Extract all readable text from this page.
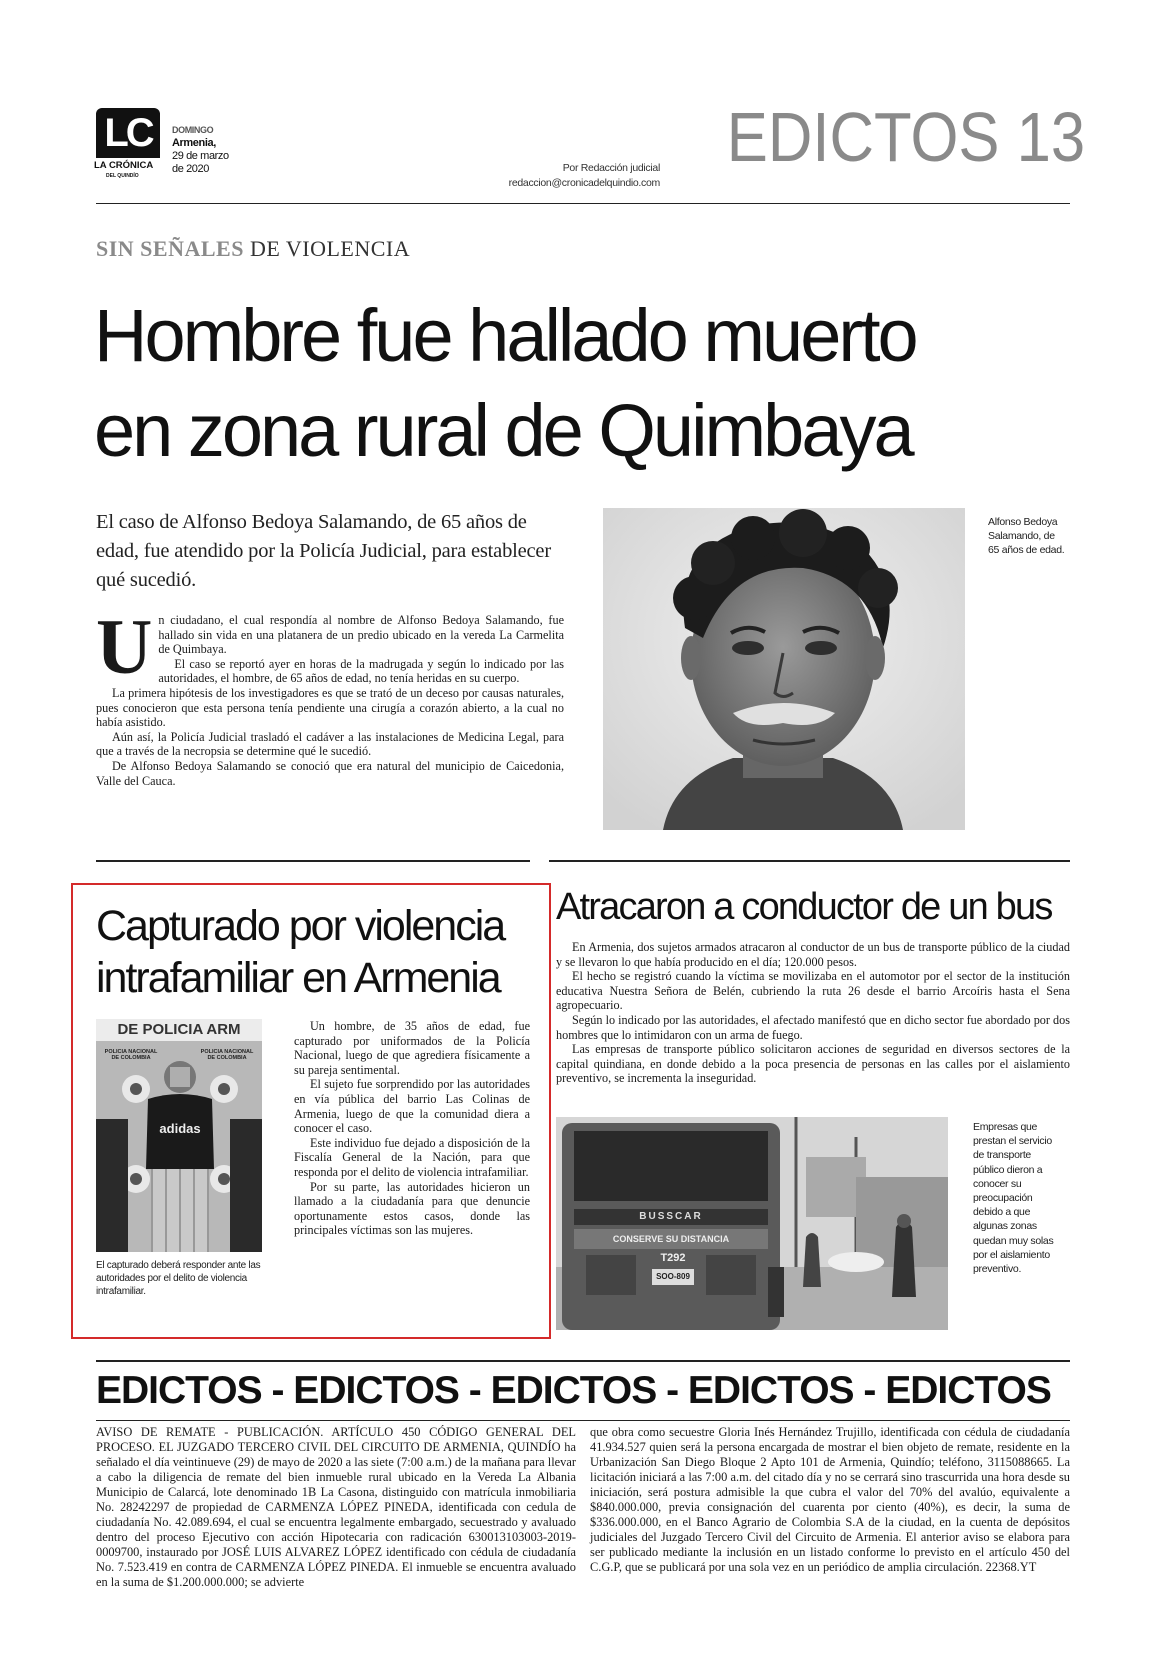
LC
LA CRÓNICA
DEL QUINDÍO
DOMINGO
Armenia,
29 de marzo
de 2020	Por Redacción judicial
redaccion@cronicadelquindio.com
EDICTOS 13
SIN SEÑALES DE VIOLENCIA
Hombre fue hallado muerto
en zona rural de Quimbaya
El caso de Alfonso Bedoya Salamando, de 65 años de edad, fue atendido por la Policía Judicial, para establecer qué sucedió.
U n ciudadano, el cual respondía al nombre de Alfonso Bedoya Salamando, fue hallado sin vida en una platanera de un predio ubicado en la vereda La Carmelita de Quimbaya.

El caso se reportó ayer en horas de la madrugada y según lo indicado por las autoridades, el hombre, de 65 años de edad, no tenía heridas en su cuerpo.

La primera hipótesis de los investigadores es que se trató de un deceso por causas naturales, pues conocieron que esta persona tenía pendiente una cirugía a corazón abierto, a la cual no había asistido.

Aún así, la Policía Judicial trasladó el cadáver a las instalaciones de Medicina Legal, para que a través de la necropsia se determine qué le sucedió.

De Alfonso Bedoya Salamando se conoció que era natural del municipio de Caicedonia, Valle del Cauca.

Alfonso Bedoya Salamando, de 65 años de edad.
Capturado por violencia
intrafamiliar en Armenia
DE POLICIA ARM
POLICIA NACIONAL DE COLOMBIA
POLICIA NACIONAL DE COLOMBIA
adidas
El capturado deberá responder ante las autoridades por el delito de violencia intrafamiliar.

Un hombre, de 35 años de edad, fue capturado por uniformados de la Policía Nacional, luego de que agrediera físicamente a su pareja sentimental.

El sujeto fue sorprendido por las autoridades en vía pública del barrio Las Colinas de Armenia, luego de que la comunidad diera a conocer el caso.

Este individuo fue dejado a disposición de la Fiscalía General de la Nación, para que responda por el delito de violencia intrafamiliar.

Por su parte, las autoridades hicieron un llamado a la ciudadanía para que denuncie oportunamente estos casos, donde las principales víctimas son las mujeres.

Atracaron a conductor de un bus

En Armenia, dos sujetos armados atracaron al conductor de un bus de transporte público de la ciudad y se llevaron lo que había producido en el día; 120.000 pesos.

El hecho se registró cuando la víctima se movilizaba en el automotor por el sector de la institución educativa Nuestra Señora de Belén, cubriendo la ruta 26 desde el barrio Arcoíris hasta el Sena agropecuario.

Según lo indicado por las autoridades, el afectado manifestó que en dicho sector fue abordado por dos hombres que lo intimidaron con un arma de fuego.

Las empresas de transporte público solicitaron acciones de seguridad en diversos sectores de la capital quindiana, en donde debido a la poca presencia de personas en las calles por el aislamiento preventivo, se incrementa la inseguridad.

BUSSCAR
CONSERVE SU DISTANCIA
T292
SOO-809
Empresas que prestan el servicio de transporte público dieron a conocer su preocupación debido a que algunas zonas quedan muy solas por el aislamiento preventivo.
EDICTOS - EDICTOS - EDICTOS - EDICTOS - EDICTOS

AVISO DE REMATE - PUBLICACIÓN. ARTÍCULO 450 CÓDIGO GENERAL DEL PROCESO. EL JUZGADO TERCERO CIVIL DEL CIRCUITO DE ARMENIA, QUINDÍO ha señalado el día veintinueve (29) de mayo de 2020 a las siete (7:00 a.m.) de la mañana para llevar a cabo la diligencia de remate del bien inmueble rural ubicado en la Vereda La Albania Municipio de Calarcá, lote denominado 1B La Casona, distinguido con matrícula inmobiliaria No. 28242297 de propiedad de CARMENZA LÓPEZ PINEDA, identificada con cedula de ciudadanía No. 42.089.694, el cual se encuentra legalmente embargado, secuestrado y avaluado dentro del proceso Ejecutivo con acción Hipotecaria con radicación 630013103003-2019-0009700, instaurado por JOSÉ LUIS ALVAREZ LÓPEZ identificado con cédula de ciudadanía No. 7.523.419 en contra de CARMENZA LÓPEZ PINEDA. El inmueble se encuentra avaluado en la suma de $1.200.000.000; se advierte

que obra como secuestre Gloria Inés Hernández Trujillo, identificada con cédula de ciudadanía 41.934.527 quien será la persona encargada de mostrar el bien objeto de remate, residente en la Urbanización San Diego Bloque 2 Apto 101 de Armenia, Quindío; teléfono, 3115088665. La licitación iniciará a las 7:00 a.m. del citado día y no se cerrará sino trascurrida una hora desde su iniciación, será postura admisible la que cubra el valor del 70% del avalúo, equivalente a $840.000.000, previa consignación del cuarenta por ciento (40%), es decir, la suma de $336.000.000, en el Banco Agrario de Colombia S.A de la ciudad, en la cuenta de depósitos judiciales del Juzgado Tercero Civil del Circuito de Armenia. El anterior aviso se elabora para ser publicado mediante la inclusión en un listado conforme lo previsto en el artículo 450 del C.G.P, que se publicará por una sola vez en un periódico de amplia circulación. 22368.YT
